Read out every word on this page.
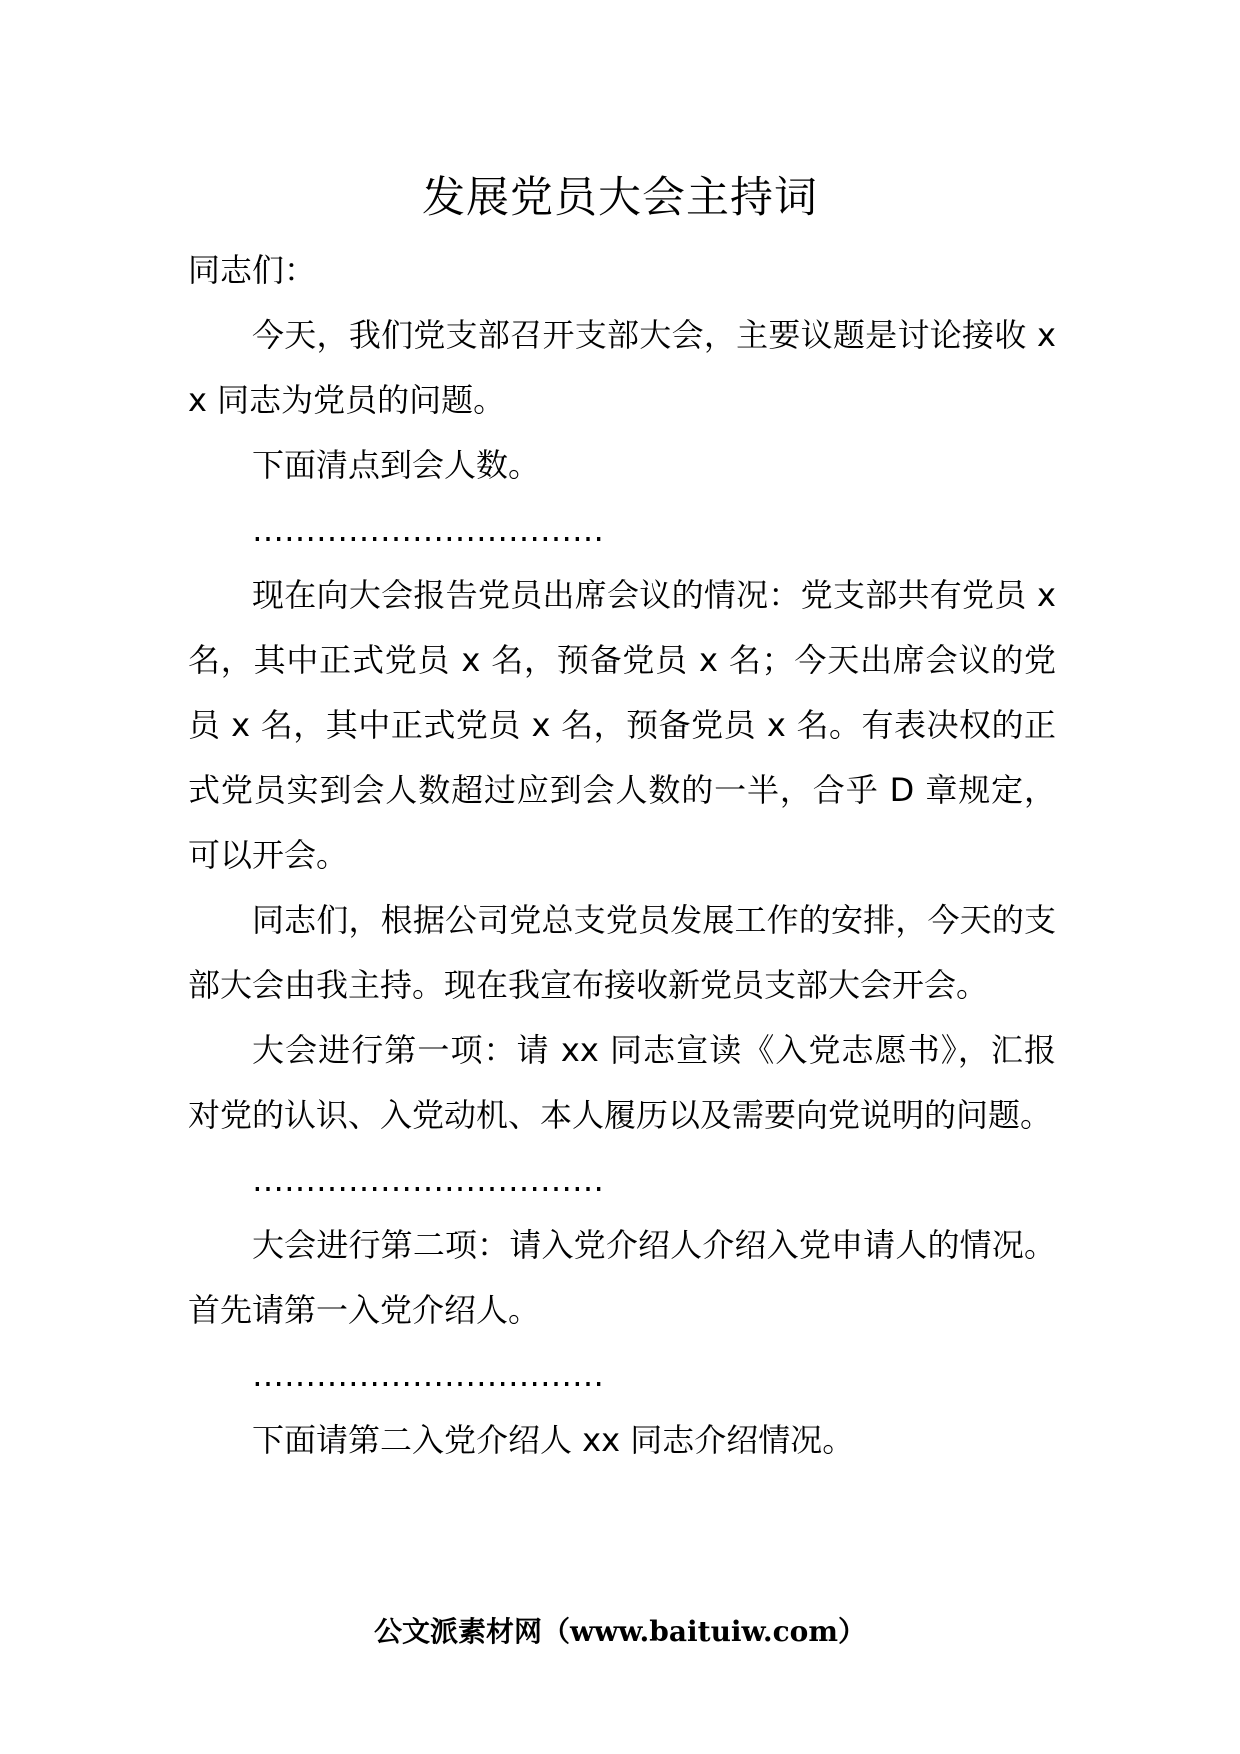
发展党员大会主持词

同志们：

今天，我们党支部召开支部大会，主要议题是讨论接收 xx 同志为党员的问题。

下面清点到会人数。

……………………………

现在向大会报告党员出席会议的情况：党支部共有党员 x 名，其中正式党员 x 名，预备党员 x 名；今天出席会议的党员 x 名，其中正式党员 x 名，预备党员 x 名。有表决权的正式党员实到会人数超过应到会人数的一半，合乎 D 章规定，可以开会。

同志们，根据公司党总支党员发展工作的安排，今天的支部大会由我主持。现在我宣布接收新党员支部大会开会。

大会进行第一项：请 xx 同志宣读《入党志愿书》，汇报对党的认识、入党动机、本人履历以及需要向党说明的问题。

……………………………

大会进行第二项：请入党介绍人介绍入党申请人的情况。首先请第一入党介绍人。

……………………………

下面请第二入党介绍人 xx 同志介绍情况。

公文派素材网（www.baituiw.com）
